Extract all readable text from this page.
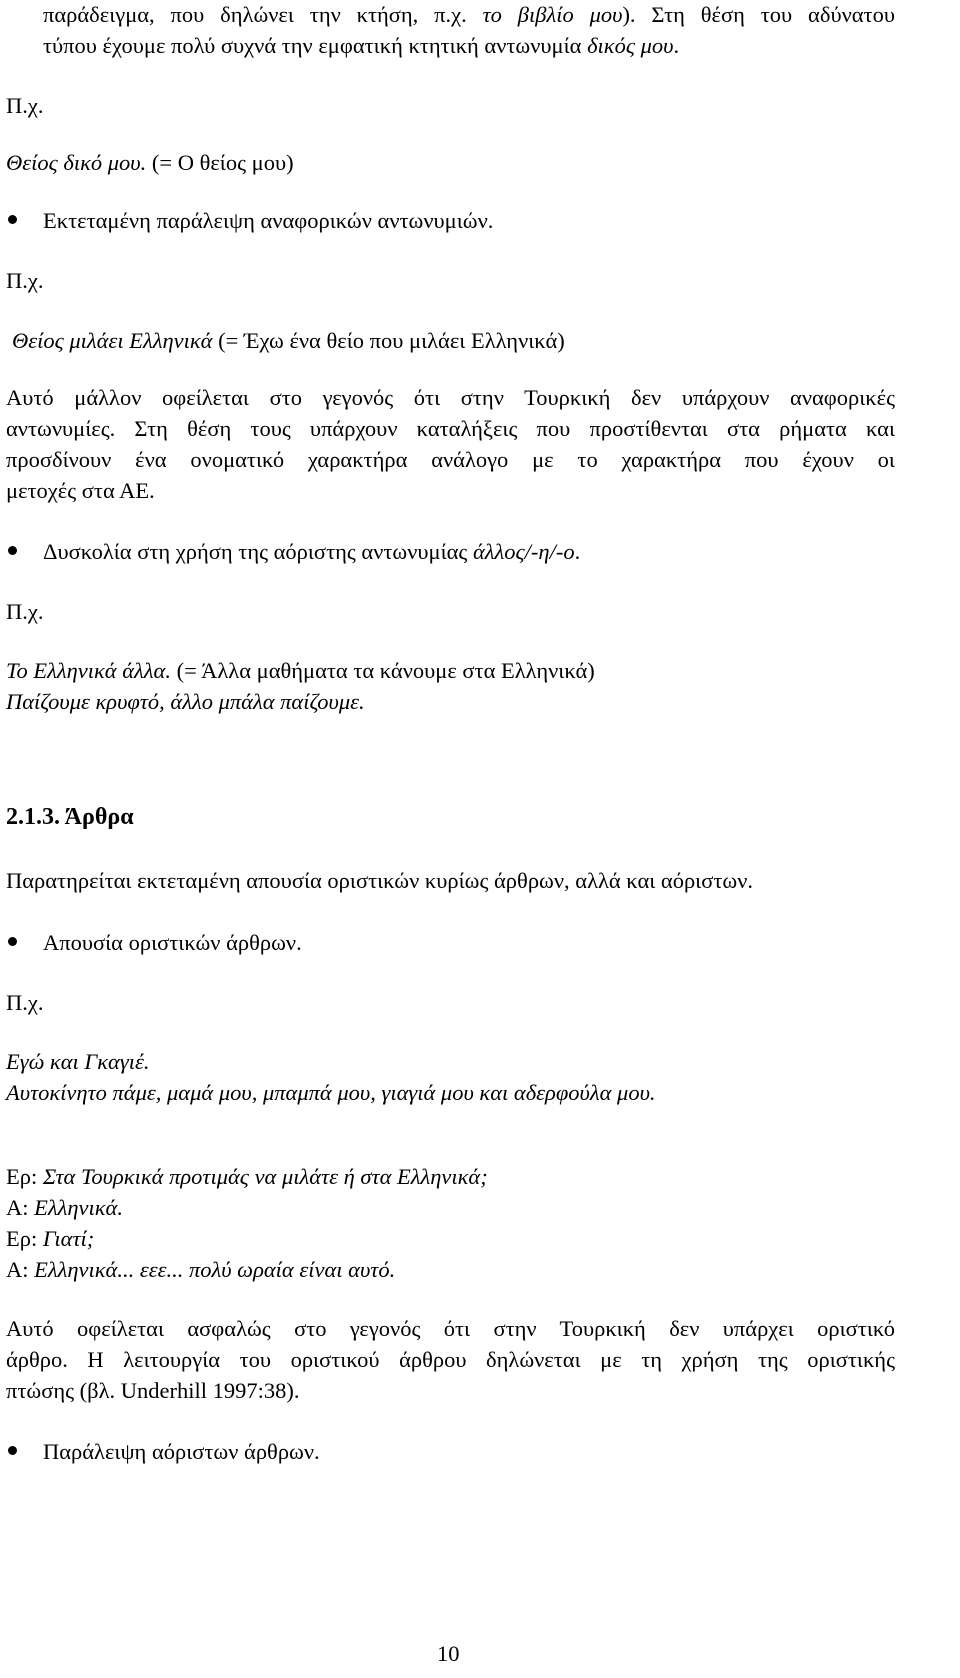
παράδειγμα, που δηλώνει την κτήση, π.χ. το βιβλίο μου). Στη θέση του αδύνατου
τύπου έχουμε πολύ συχνά την εμφατική κτητική αντωνυμία δικός μου.
Π.χ.
Θείος δικό μου. (= Ο θείος μου)
Εκτεταμένη παράλειψη αναφορικών αντωνυμιών.
Π.χ.
Θείος μιλάει Ελληνικά (= Έχω ένα θείο που μιλάει Ελληνικά)
Αυτό μάλλον οφείλεται στο γεγονός ότι στην Τουρκική δεν υπάρχουν αναφορικές
αντωνυμίες. Στη θέση τους υπάρχουν καταλήξεις που προστίθενται στα ρήματα και
προσδίνουν ένα ονοματικό χαρακτήρα ανάλογο με το χαρακτήρα που έχουν οι
μετοχές στα ΑΕ.
Δυσκολία στη χρήση της αόριστης αντωνυμίας άλλος/-η/-ο.
Π.χ.
Το Ελληνικά άλλα. (= Άλλα μαθήματα τα κάνουμε στα Ελληνικά)
Παίζουμε κρυφτό, άλλο μπάλα παίζουμε.
2.1.3. Άρθρα
Παρατηρείται εκτεταμένη απουσία οριστικών κυρίως άρθρων, αλλά και αόριστων.
Απουσία οριστικών άρθρων.
Π.χ.
Εγώ και Γκαγιέ.
Αυτοκίνητο πάμε, μαμά μου, μπαμπά μου, γιαγιά μου και αδερφούλα μου.
Ερ: Στα Τουρκικά προτιμάς να μιλάτε ή στα Ελληνικά;
Α: Ελληνικά.
Ερ: Γιατί;
Α: Ελληνικά... εεε... πολύ ωραία είναι αυτό.
Αυτό οφείλεται ασφαλώς στο γεγονός ότι στην Τουρκική δεν υπάρχει οριστικό
άρθρο. Η λειτουργία του οριστικού άρθρου δηλώνεται με τη χρήση της οριστικής
πτώσης (βλ. Underhill 1997:38).
Παράλειψη αόριστων άρθρων.
10
